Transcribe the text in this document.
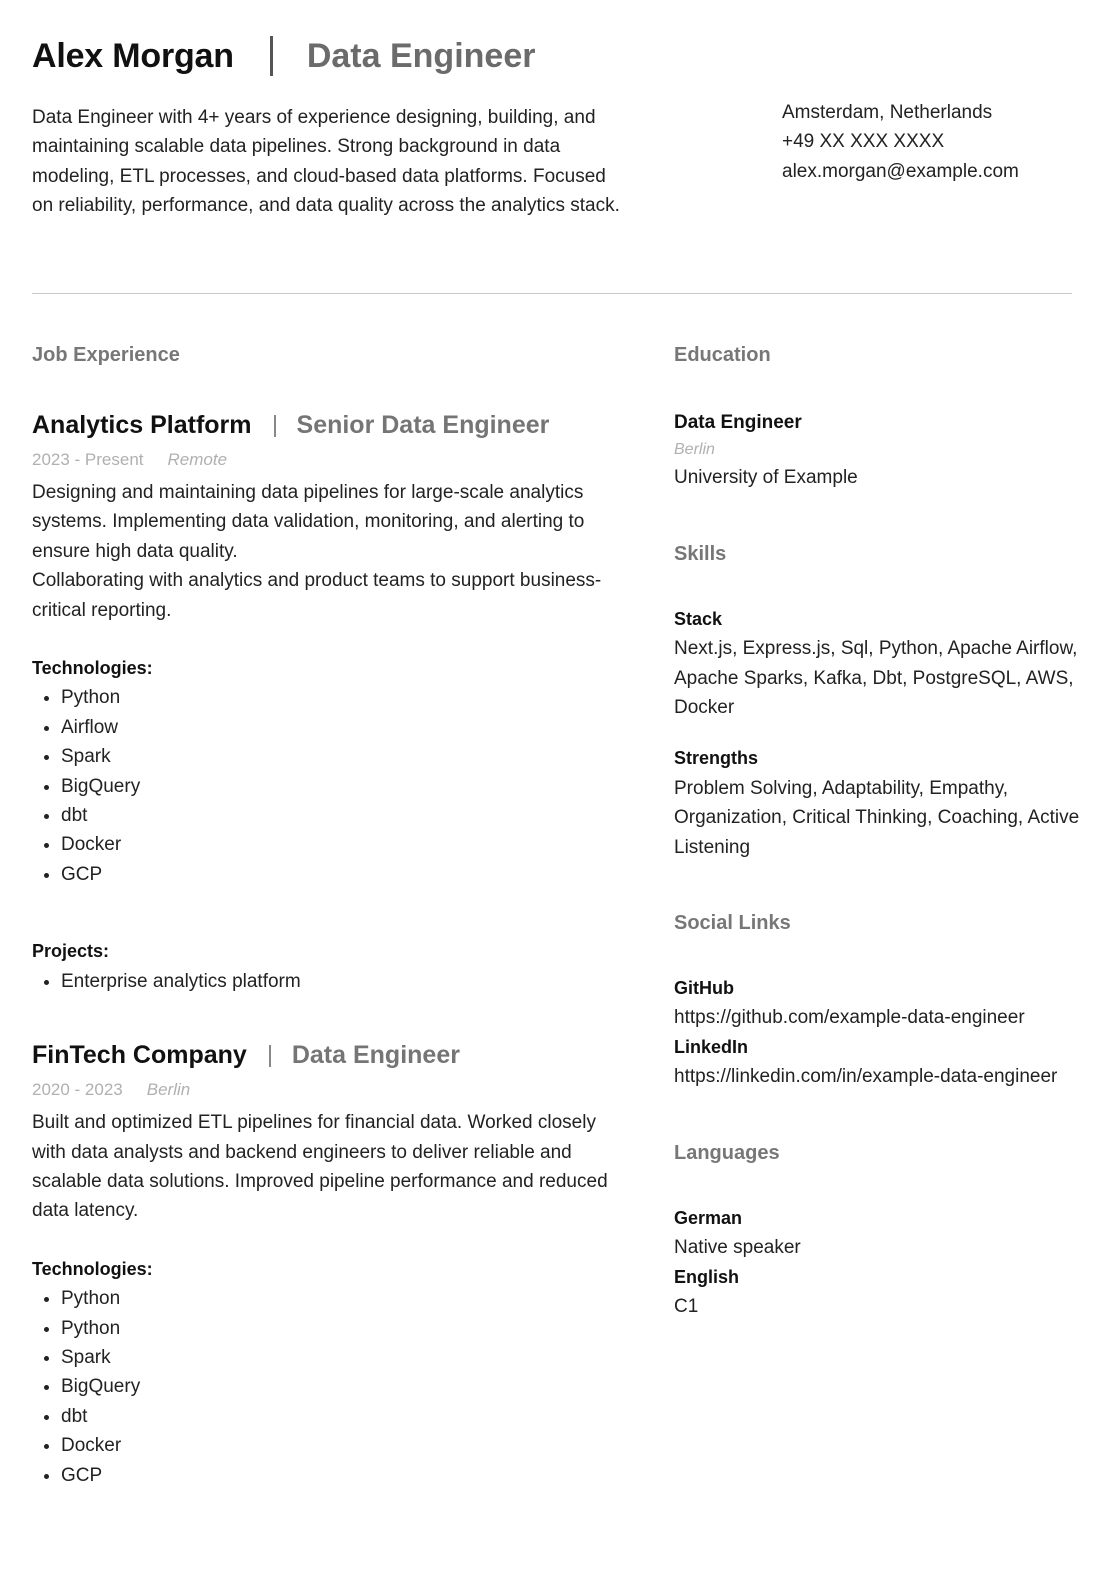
Alex Morgan Data Engineer

Data Engineer with 4+ years of experience designing, building, and maintaining scalable data pipelines. Strong background in data modeling, ETL processes, and cloud-based data platforms. Focused on reliability, performance, and data quality across the analytics stack.

Amsterdam, Netherlands
+49 XX XXX XXXX
alex.morgan@example.com
Job Experience
Analytics Platform Senior Data Engineer
2023 - Present Remote

Designing and maintaining data pipelines for large-scale analytics systems. Implementing data validation, monitoring, and alerting to ensure high data quality.
Collaborating with analytics and product teams to support business-critical reporting.

Technologies:
Python
Airflow
Spark
BigQuery
dbt
Docker
GCP
Projects:
Enterprise analytics platform
FinTech Company Data Engineer
2020 - 2023 Berlin

Built and optimized ETL pipelines for financial data. Worked closely with data analysts and backend engineers to deliver reliable and scalable data solutions. Improved pipeline performance and reduced data latency.

Technologies:
Python
Python
Spark
BigQuery
dbt
Docker
GCP
Education
Data Engineer
Berlin
University of Example
Skills
Stack
Next.js, Express.js, Sql, Python, Apache Airflow, Apache Sparks, Kafka, Dbt, PostgreSQL, AWS, Docker
Strengths
Problem Solving, Adaptability, Empathy, Organization, Critical Thinking, Coaching, Active Listening
Social Links
GitHub
https://github.com/example-data-engineer
LinkedIn
https://linkedin.com/in/example-data-engineer
Languages
German
Native speaker
English
C1
